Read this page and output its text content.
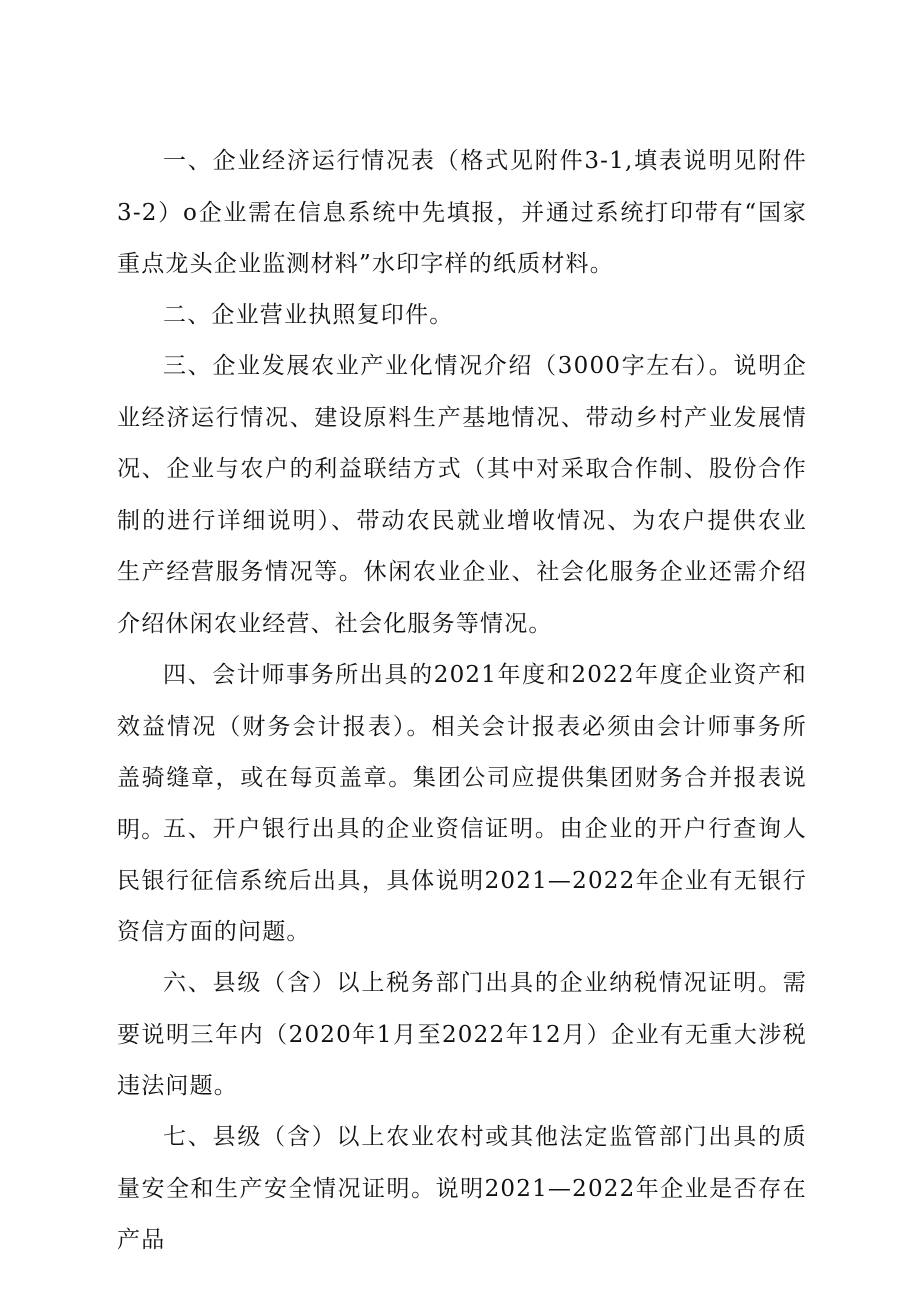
一、企业经济运行情况表（格式见附件3-1,填表说明见附件3-2）o企业需在信息系统中先填报，并通过系统打印带有“国家重点龙头企业监测材料”水印字样的纸质材料。

二、企业营业执照复印件。

三、企业发展农业产业化情况介绍（3000字左右）。说明企业经济运行情况、建设原料生产基地情况、带动乡村产业发展情况、企业与农户的利益联结方式（其中对采取合作制、股份合作制的进行详细说明）、带动农民就业增收情况、为农户提供农业生产经营服务情况等。休闲农业企业、社会化服务企业还需介绍介绍休闲农业经营、社会化服务等情况。

四、会计师事务所出具的2021年度和2022年度企业资产和效益情况（财务会计报表）。相关会计报表必须由会计师事务所盖骑缝章，或在每页盖章。集团公司应提供集团财务合并报表说明。

五、开户银行出具的企业资信证明。由企业的开户行查询人民银行征信系统后出具，具体说明2021—2022年企业有无银行资信方面的问题。

六、县级（含）以上税务部门出具的企业纳税情况证明。需要说明三年内（2020年1月至2022年12月）企业有无重大涉税违法问题。

七、县级（含）以上农业农村或其他法定监管部门出具的质量安全和生产安全情况证明。说明2021—2022年企业是否存在产品
